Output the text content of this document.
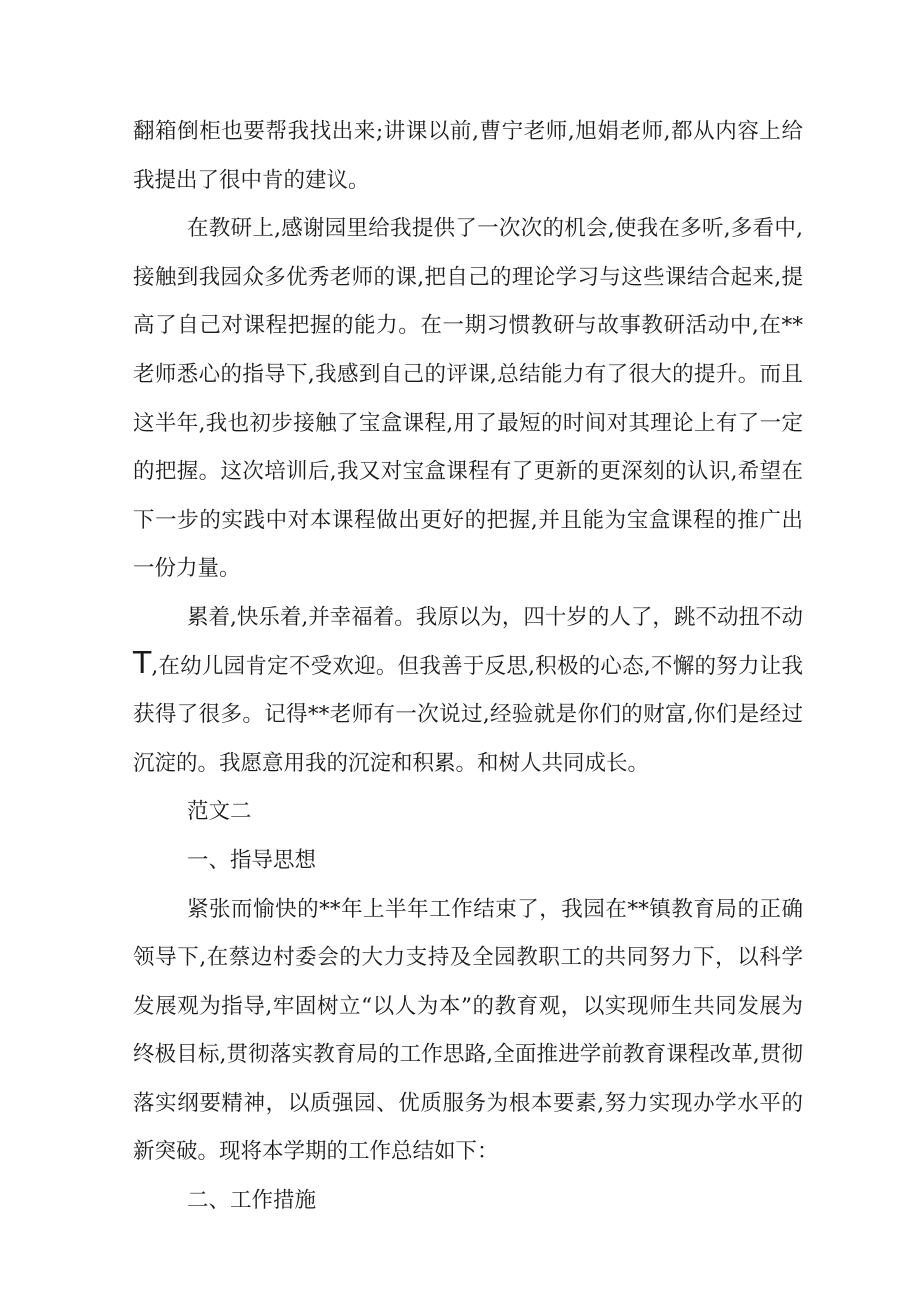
翻箱倒柜也要帮我找出来;讲课以前,曹宁老师,旭娟老师,都从内容上给我提出了很中肯的建议。

在教研上,感谢园里给我提供了一次次的机会,使我在多听,多看中,接触到我园众多优秀老师的课,把自己的理论学习与这些课结合起来,提高了自己对课程把握的能力。在一期习惯教研与故事教研活动中,在**老师悉心的指导下,我感到自己的评课,总结能力有了很大的提升。而且这半年,我也初步接触了宝盒课程,用了最短的时间对其理论上有了一定的把握。这次培训后,我又对宝盒课程有了更新的更深刻的认识,希望在下一步的实践中对本课程做出更好的把握,并且能为宝盒课程的推广出一份力量。

累着,快乐着,并幸福着。我原以为，四十岁的人了，跳不动扭不动T,在幼儿园肯定不受欢迎。但我善于反思,积极的心态,不懈的努力让我获得了很多。记得**老师有一次说过,经验就是你们的财富,你们是经过沉淀的。我愿意用我的沉淀和积累。和树人共同成长。

范文二

一、指导思想

紧张而愉快的**年上半年工作结束了，我园在**镇教育局的正确领导下,在蔡边村委会的大力支持及全园教职工的共同努力下，以科学发展观为指导,牢固树立“以人为本”的教育观，以实现师生共同发展为终极目标,贯彻落实教育局的工作思路,全面推进学前教育课程改革,贯彻落实纲要精神，以质强园、优质服务为根本要素,努力实现办学水平的新突破。现将本学期的工作总结如下：

二、工作措施
